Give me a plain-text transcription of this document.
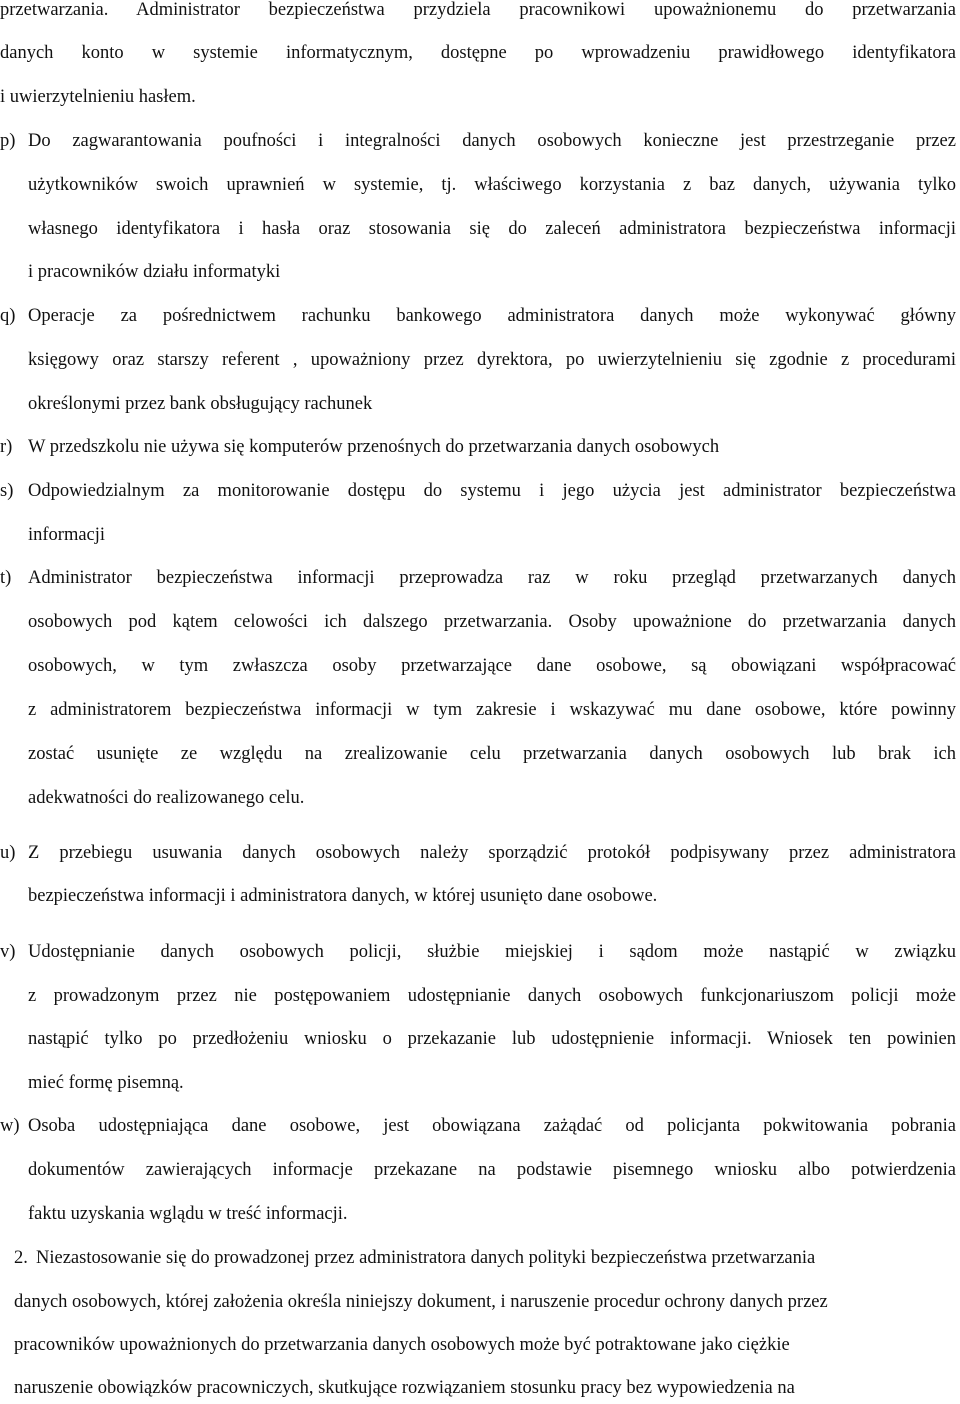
przetwarzania. Administrator bezpieczeństwa przydziela pracownikowi upoważnionemu do przetwarzania
danych konto w systemie informatycznym, dostępne po wprowadzeniu prawidłowego identyfikatora
i uwierzytelnieniu hasłem.
p) Do zagwarantowania poufności i integralności danych osobowych konieczne jest przestrzeganie przez
użytkowników swoich uprawnień w systemie, tj. właściwego korzystania z baz danych, używania tylko
własnego identyfikatora i hasła oraz stosowania się do zaleceń administratora bezpieczeństwa informacji
i pracowników działu informatyki
q) Operacje za pośrednictwem rachunku bankowego administratora danych może wykonywać główny
księgowy oraz starszy referent , upoważniony przez dyrektora, po uwierzytelnieniu się zgodnie z procedurami
określonymi przez bank obsługujący rachunek
r) W przedszkolu nie używa się komputerów przenośnych do przetwarzania danych osobowych
s) Odpowiedzialnym za monitorowanie dostępu do systemu i jego użycia jest administrator bezpieczeństwa
informacji
t) Administrator bezpieczeństwa informacji przeprowadza raz w roku przegląd przetwarzanych danych
osobowych pod kątem celowości ich dalszego przetwarzania. Osoby upoważnione do przetwarzania danych
osobowych, w tym zwłaszcza osoby przetwarzające dane osobowe, są obowiązani współpracować
z administratorem bezpieczeństwa informacji w tym zakresie i wskazywać mu dane osobowe, które powinny
zostać usunięte ze względu na zrealizowanie celu przetwarzania danych osobowych lub brak ich
adekwatności do realizowanego celu.
u) Z przebiegu usuwania danych osobowych należy sporządzić protokół podpisywany przez administratora
bezpieczeństwa informacji i administratora danych, w której usunięto dane osobowe.
v) Udostępnianie danych osobowych policji, służbie miejskiej i sądom może nastąpić w związku
z prowadzonym przez nie postępowaniem udostępnianie danych osobowych funkcjonariuszom policji może
nastąpić tylko po przedłożeniu wniosku o przekazanie lub udostępnienie informacji. Wniosek ten powinien
mieć formę pisemną.
w) Osoba udostępniająca dane osobowe, jest obowiązana zażądać od policjanta pokwitowania pobrania
dokumentów zawierających informacje przekazane na podstawie pisemnego wniosku albo potwierdzenia
faktu uzyskania wglądu w treść informacji.
2. Niezastosowanie się do prowadzonej przez administratora danych polityki bezpieczeństwa przetwarzania
danych osobowych, której założenia określa niniejszy dokument, i naruszenie procedur ochrony danych przez
pracowników upoważnionych do przetwarzania danych osobowych może być potraktowane jako ciężkie
naruszenie obowiązków pracowniczych, skutkujące rozwiązaniem stosunku pracy bez wypowiedzenia na
